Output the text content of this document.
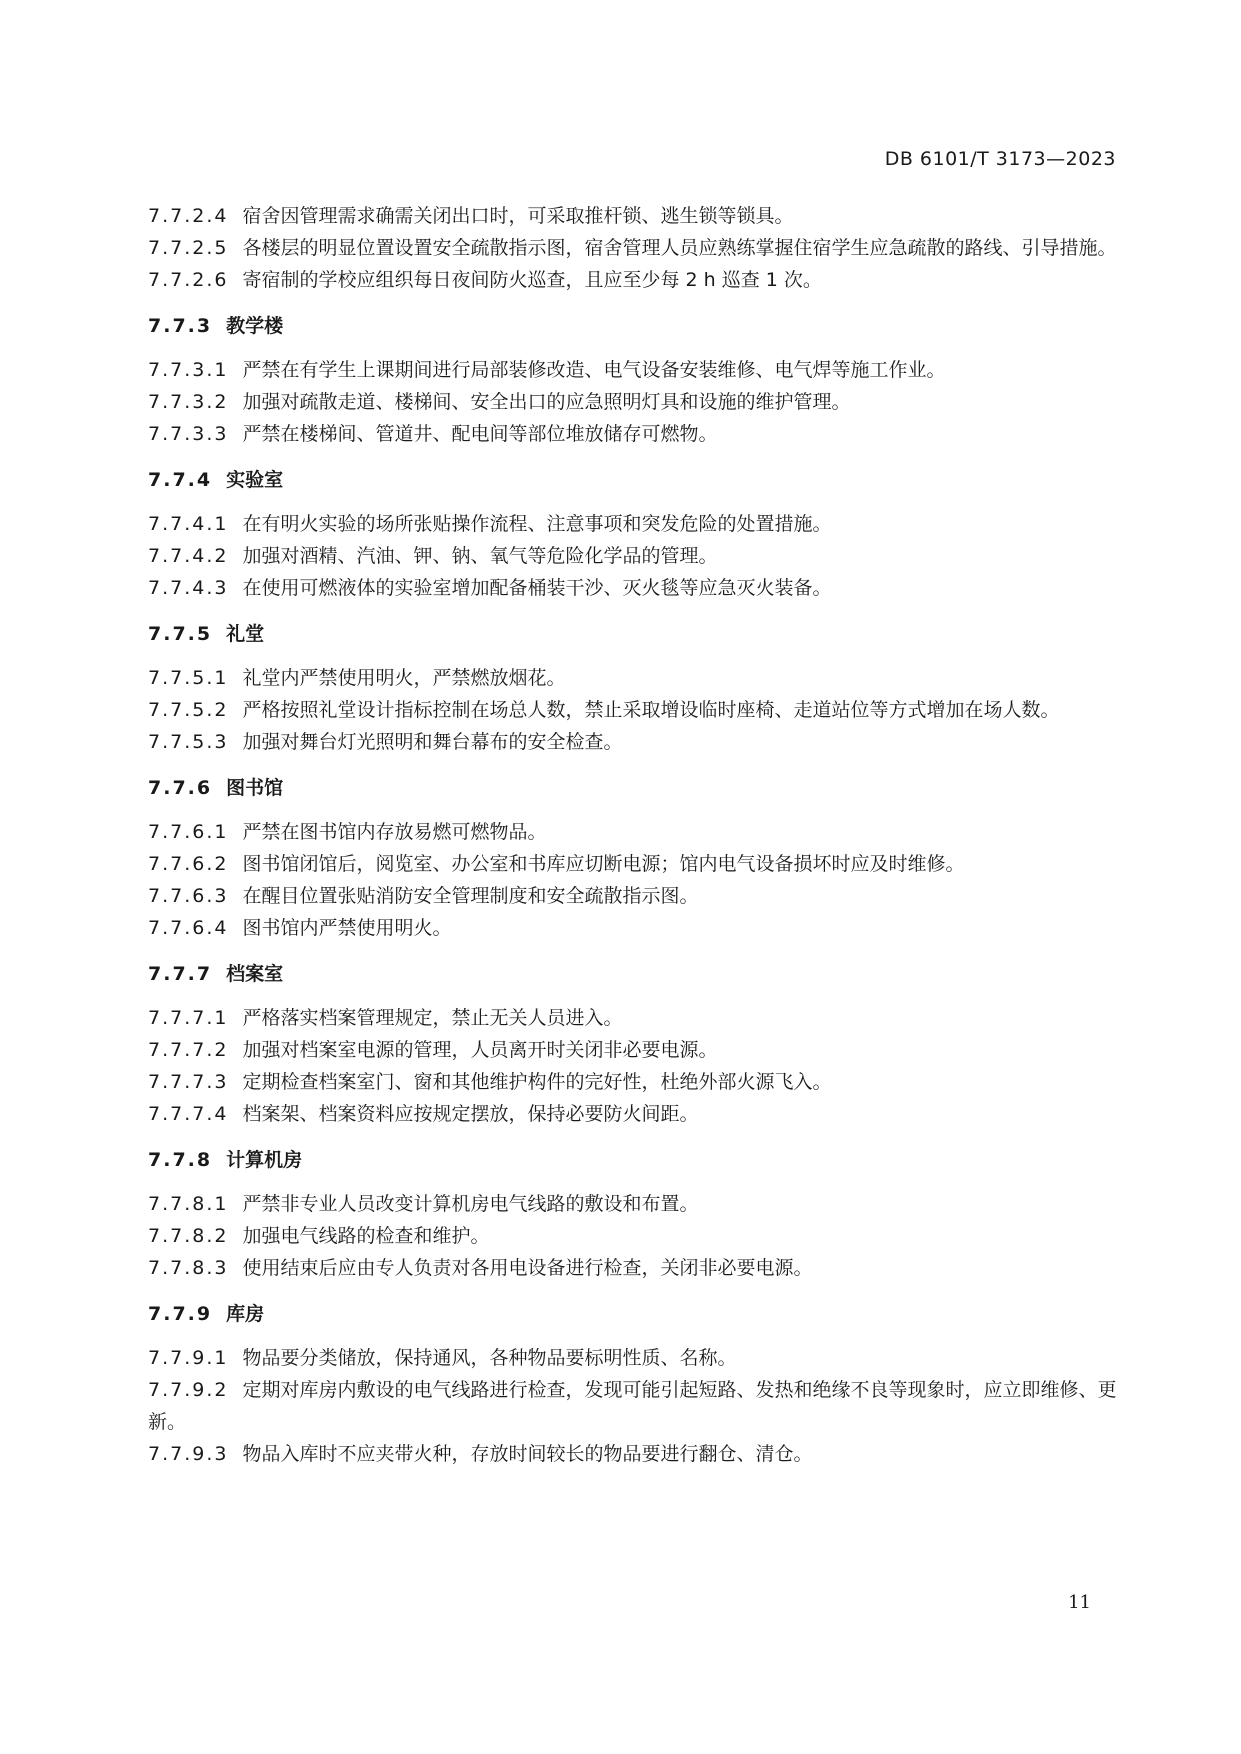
DB 6101/T 3173—2023

7.7.2.4 宿舍因管理需求确需关闭出口时，可采取推杆锁、逃生锁等锁具。

7.7.2.5 各楼层的明显位置设置安全疏散指示图，宿舍管理人员应熟练掌握住宿学生应急疏散的路线、引导措施。

7.7.2.6 寄宿制的学校应组织每日夜间防火巡查，且应至少每 2 h 巡查 1 次。

7.7.3 教学楼

7.7.3.1 严禁在有学生上课期间进行局部装修改造、电气设备安装维修、电气焊等施工作业。

7.7.3.2 加强对疏散走道、楼梯间、安全出口的应急照明灯具和设施的维护管理。

7.7.3.3 严禁在楼梯间、管道井、配电间等部位堆放储存可燃物。

7.7.4 实验室

7.7.4.1 在有明火实验的场所张贴操作流程、注意事项和突发危险的处置措施。

7.7.4.2 加强对酒精、汽油、钾、钠、氧气等危险化学品的管理。

7.7.4.3 在使用可燃液体的实验室增加配备桶装干沙、灭火毯等应急灭火装备。

7.7.5 礼堂

7.7.5.1 礼堂内严禁使用明火，严禁燃放烟花。

7.7.5.2 严格按照礼堂设计指标控制在场总人数，禁止采取增设临时座椅、走道站位等方式增加在场人数。

7.7.5.3 加强对舞台灯光照明和舞台幕布的安全检查。

7.7.6 图书馆

7.7.6.1 严禁在图书馆内存放易燃可燃物品。

7.7.6.2 图书馆闭馆后，阅览室、办公室和书库应切断电源；馆内电气设备损坏时应及时维修。

7.7.6.3 在醒目位置张贴消防安全管理制度和安全疏散指示图。

7.7.6.4 图书馆内严禁使用明火。

7.7.7 档案室

7.7.7.1 严格落实档案管理规定，禁止无关人员进入。

7.7.7.2 加强对档案室电源的管理，人员离开时关闭非必要电源。

7.7.7.3 定期检查档案室门、窗和其他维护构件的完好性，杜绝外部火源飞入。

7.7.7.4 档案架、档案资料应按规定摆放，保持必要防火间距。

7.7.8 计算机房

7.7.8.1 严禁非专业人员改变计算机房电气线路的敷设和布置。

7.7.8.2 加强电气线路的检查和维护。

7.7.8.3 使用结束后应由专人负责对各用电设备进行检查，关闭非必要电源。

7.7.9 库房

7.7.9.1 物品要分类储放，保持通风，各种物品要标明性质、名称。

7.7.9.2 定期对库房内敷设的电气线路进行检查，发现可能引起短路、发热和绝缘不良等现象时，应立即维修、更新。

7.7.9.3 物品入库时不应夹带火种，存放时间较长的物品要进行翻仓、清仓。

11
